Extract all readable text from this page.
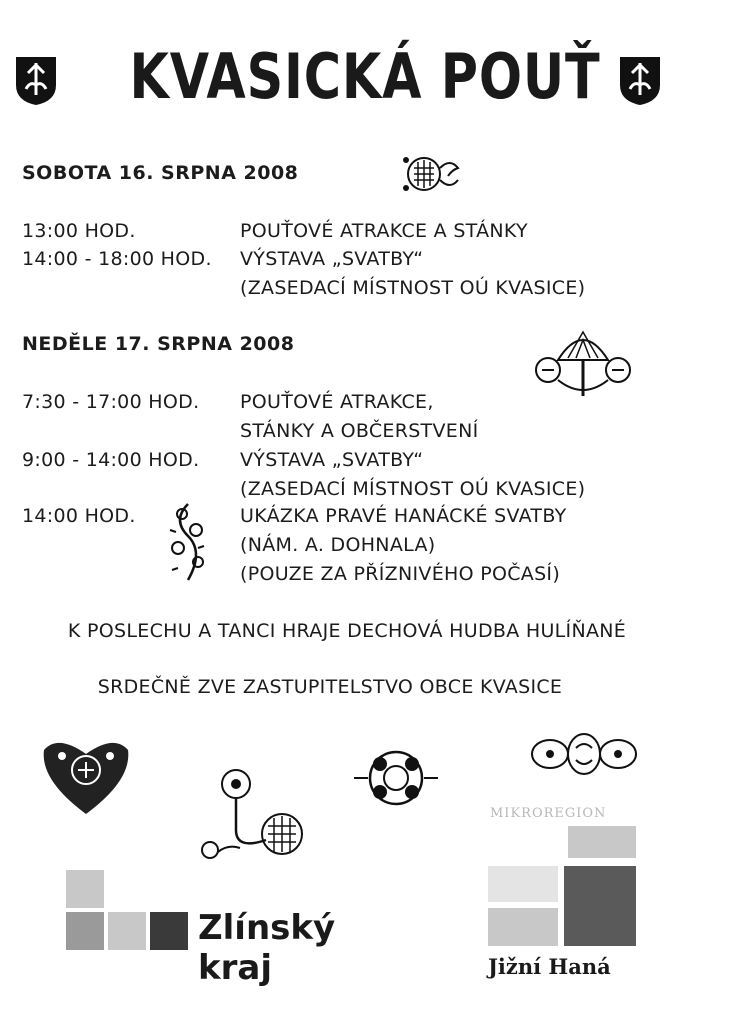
KVASICKÁ POUŤ
SOBOTA 16. SRPNA 2008
13:00 HOD.	POUŤOVÉ ATRAKCE A STÁNKY
14:00 - 18:00 HOD. VÝSTAVA „SVATBY“
(ZASEDACÍ MÍSTNOST OÚ KVASICE)
NEDĚLE 17. SRPNA 2008
7:30 - 17:00 HOD. POUŤOVÉ ATRAKCE,
STÁNKY A OBČERSTVENÍ
9:00 - 14:00 HOD. VÝSTAVA „SVATBY“
(ZASEDACÍ MÍSTNOST OÚ KVASICE)
14:00 HOD.	UKÁZKA PRAVÉ HANÁCKÉ SVATBY
(NÁM. A. DOHNALA)
(POUZE ZA PŘÍZNIVÉHO POČASÍ)
K POSLECHU A TANCI HRAJE DECHOVÁ HUDBA HULÍŇANÉ
SRDEČNĚ ZVE ZASTUPITELSTVO OBCE KVASICE
Zlínský kraj
MIKROREGION
Jižní Haná
